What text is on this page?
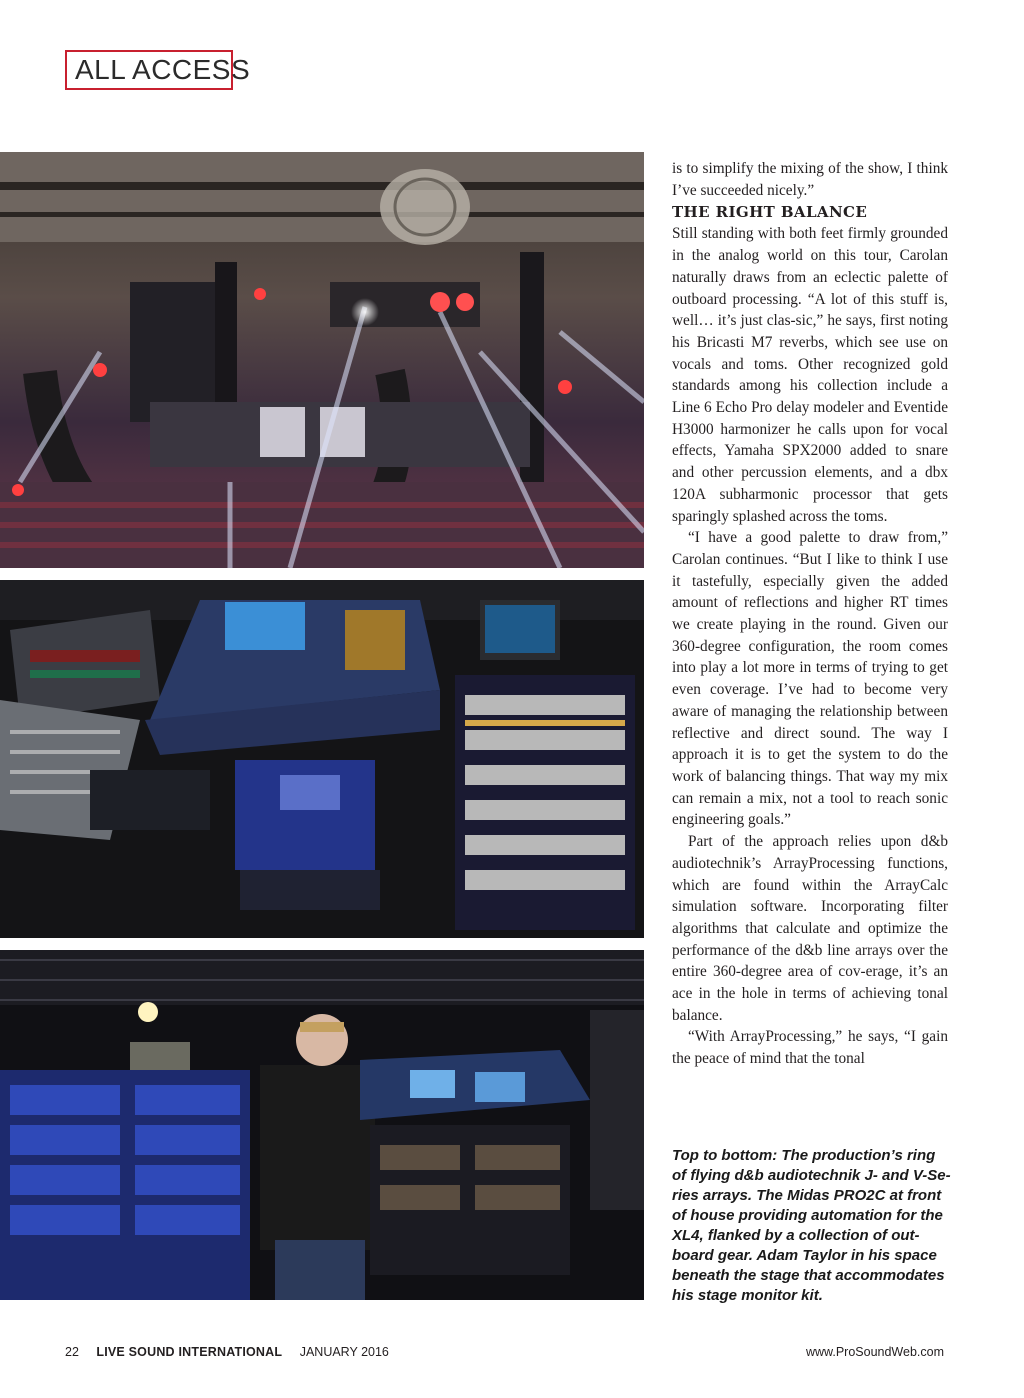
ALL ACCESS

is to simplify the mixing of the show, I think I’ve succeeded nicely.”

THE RIGHT BALANCE

Still standing with both feet firmly grounded in the analog world on this tour, Carolan naturally draws from an eclectic palette of outboard processing. “A lot of this stuff is, well… it’s just clas-sic,” he says, first noting his Bricasti M7 reverbs, which see use on vocals and toms. Other recognized gold standards among his collection include a Line 6 Echo Pro delay modeler and Eventide H3000 harmonizer he calls upon for vocal effects, Yamaha SPX2000 added to snare and other percussion elements, and a dbx 120A subharmonic processor that gets sparingly splashed across the toms.

“I have a good palette to draw from,” Carolan continues. “But I like to think I use it tastefully, especially given the added amount of reflections and higher RT times we create playing in the round. Given our 360-degree configuration, the room comes into play a lot more in terms of trying to get even coverage. I’ve had to become very aware of managing the relationship between reflective and direct sound. The way I approach it is to get the system to do the work of balancing things. That way my mix can remain a mix, not a tool to reach sonic engineering goals.”

Part of the approach relies upon d&b audiotechnik’s ArrayProcessing functions, which are found within the ArrayCalc simulation software. Incorporating filter algorithms that calculate and optimize the performance of the d&b line arrays over the entire 360-degree area of cov-erage, it’s an ace in the hole in terms of achieving tonal balance.

“With ArrayProcessing,” he says, “I gain the peace of mind that the tonal

Top to bottom: The production’s ring of flying d&b audiotechnik J- and V-Se-ries arrays. The Midas PRO2C at front of house providing automation for the XL4, flanked by a collection of out-board gear. Adam Taylor in his space beneath the stage that accommodates his stage monitor kit.
22 LIVE SOUND INTERNATIONAL JANUARY 2016	www.ProSoundWeb.com
